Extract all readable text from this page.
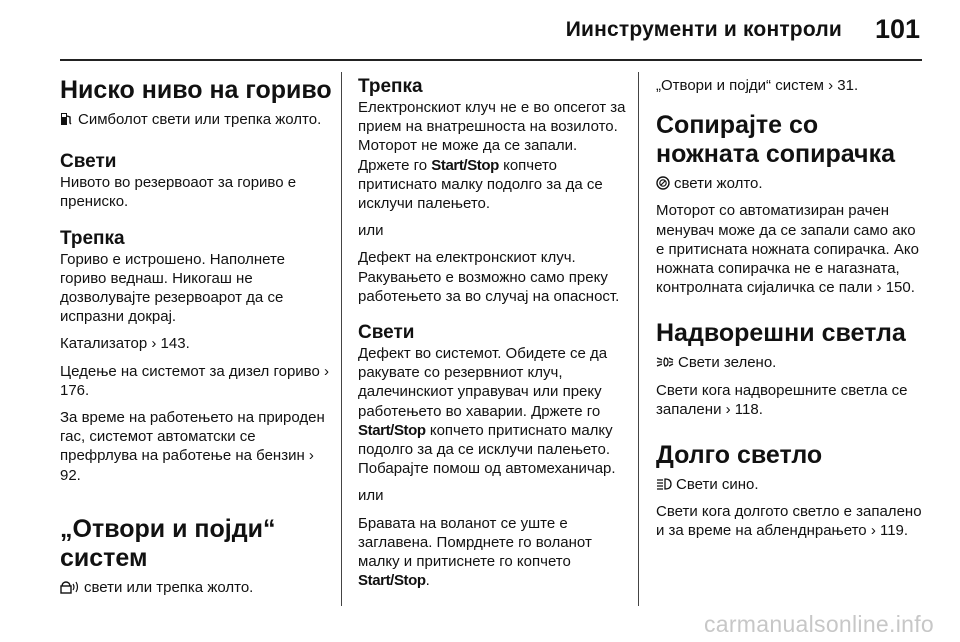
Иинструменти и контроли 101
Ниско ниво на гориво

Симболот свети или трепка жолто.

Свети

Нивото во резервоаот за гориво е прениско.

Трепка

Гориво е истрошено. Наполнете гориво веднаш. Никогаш не дозволувајте резервоарот да се испразни докрај.

Катализатор › 143.

Цедење на системот за дизел гориво › 176.

За време на работењето на природен гас, системот автоматски се префрлува на работење на бензин › 92.

„Отвори и појди“ систем

свети или трепка жолто.

Трепка

Електронскиот клуч не е во опсегот за прием на внатрешноста на возилото. Моторот не може да се запали. Држете го Start/Stop копчето притиснато малку подолго за да се исклучи палењето.

или

Дефект на електронскиот клуч. Ракувањето е возможно само преку работењето за во случај на опасност.

Свети

Дефект во системот. Обидете се да ракувате со резервниот клуч, далечинскиот управувач или преку работењето во хаварии. Држете го Start/Stop копчето притиснато малку подолго за да се исклучи палењето. Побарајте помош од автомеханичар.

или

Бравата на воланот се уште е заглавена. Помрднете го воланот малку и притиснете го копчето Start/Stop.

„Отвори и појди“ систем › 31.

Сопирајте со ножната сопирачка

свети жолто.

Моторот со автоматизиран рачен менувач може да се запали само ако е притисната ножната сопирачка. Ако ножната сопирачка не е нагазната, контролната сијаличка се пали › 150.

Надворешни светла

Свети зелено.

Свети кога надворешните светла се запалени › 118.

Долго светло

Свети сино.

Свети кога долгото светло е запалено и за време на абленднрањето › 119.

carmanualsonline.info
